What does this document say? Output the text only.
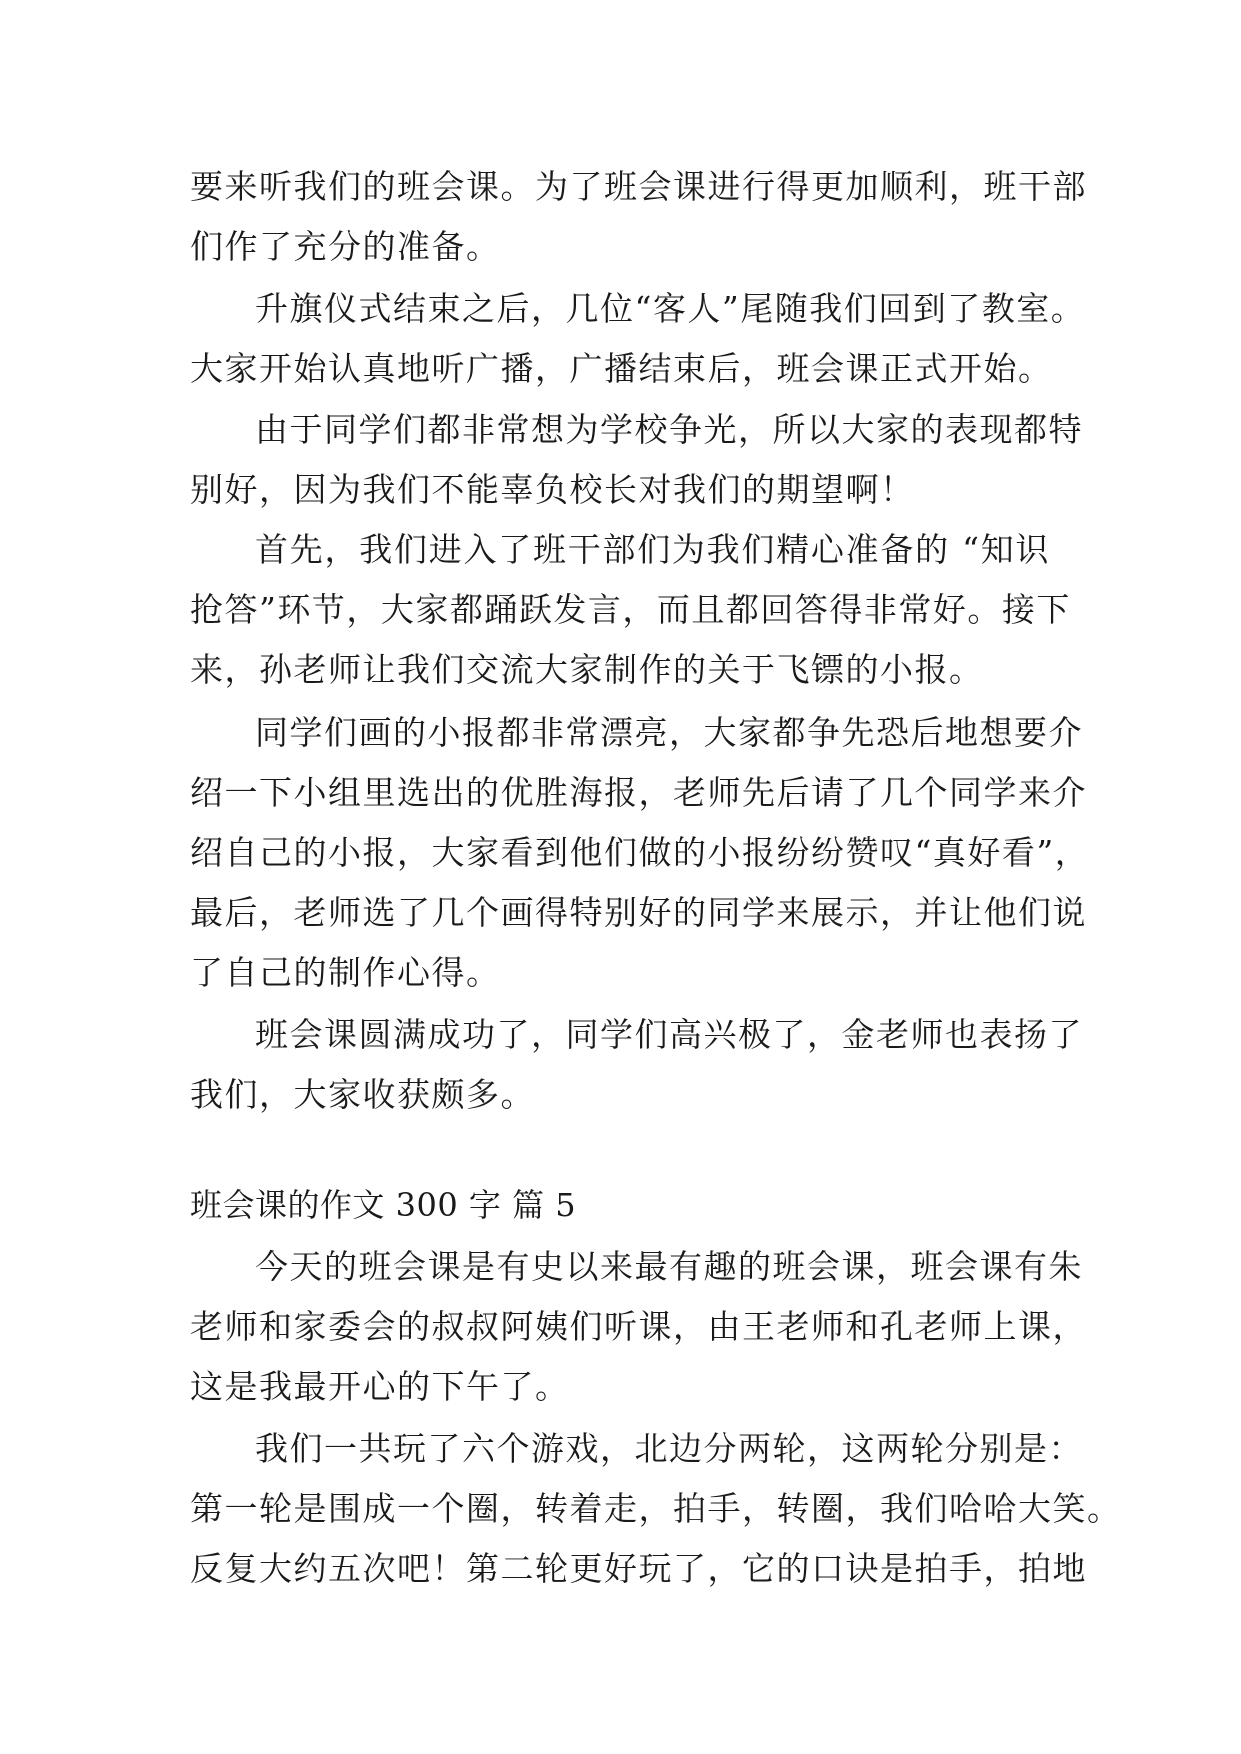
要来听我们的班会课。为了班会课进行得更加顺利，班干部
们作了充分的准备。
升旗仪式结束之后，几位“客人”尾随我们回到了教室。
大家开始认真地听广播，广播结束后，班会课正式开始。
由于同学们都非常想为学校争光，所以大家的表现都特
别好，因为我们不能辜负校长对我们的期望啊！
首先，我们进入了班干部们为我们精心准备的 “知识
抢答”环节，大家都踊跃发言，而且都回答得非常好。接下
来，孙老师让我们交流大家制作的关于飞镖的小报。
同学们画的小报都非常漂亮，大家都争先恐后地想要介
绍一下小组里选出的优胜海报，老师先后请了几个同学来介
绍自己的小报，大家看到他们做的小报纷纷赞叹“真好看”，
最后，老师选了几个画得特别好的同学来展示，并让他们说
了自己的制作心得。
班会课圆满成功了，同学们高兴极了，金老师也表扬了
我们，大家收获颇多。
班会课的作文 300 字 篇 5
今天的班会课是有史以来最有趣的班会课，班会课有朱
老师和家委会的叔叔阿姨们听课，由王老师和孔老师上课，
这是我最开心的下午了。
我们一共玩了六个游戏，北边分两轮，这两轮分别是：
第一轮是围成一个圈，转着走，拍手，转圈，我们哈哈大笑。
反复大约五次吧！第二轮更好玩了，它的口诀是拍手，拍地
